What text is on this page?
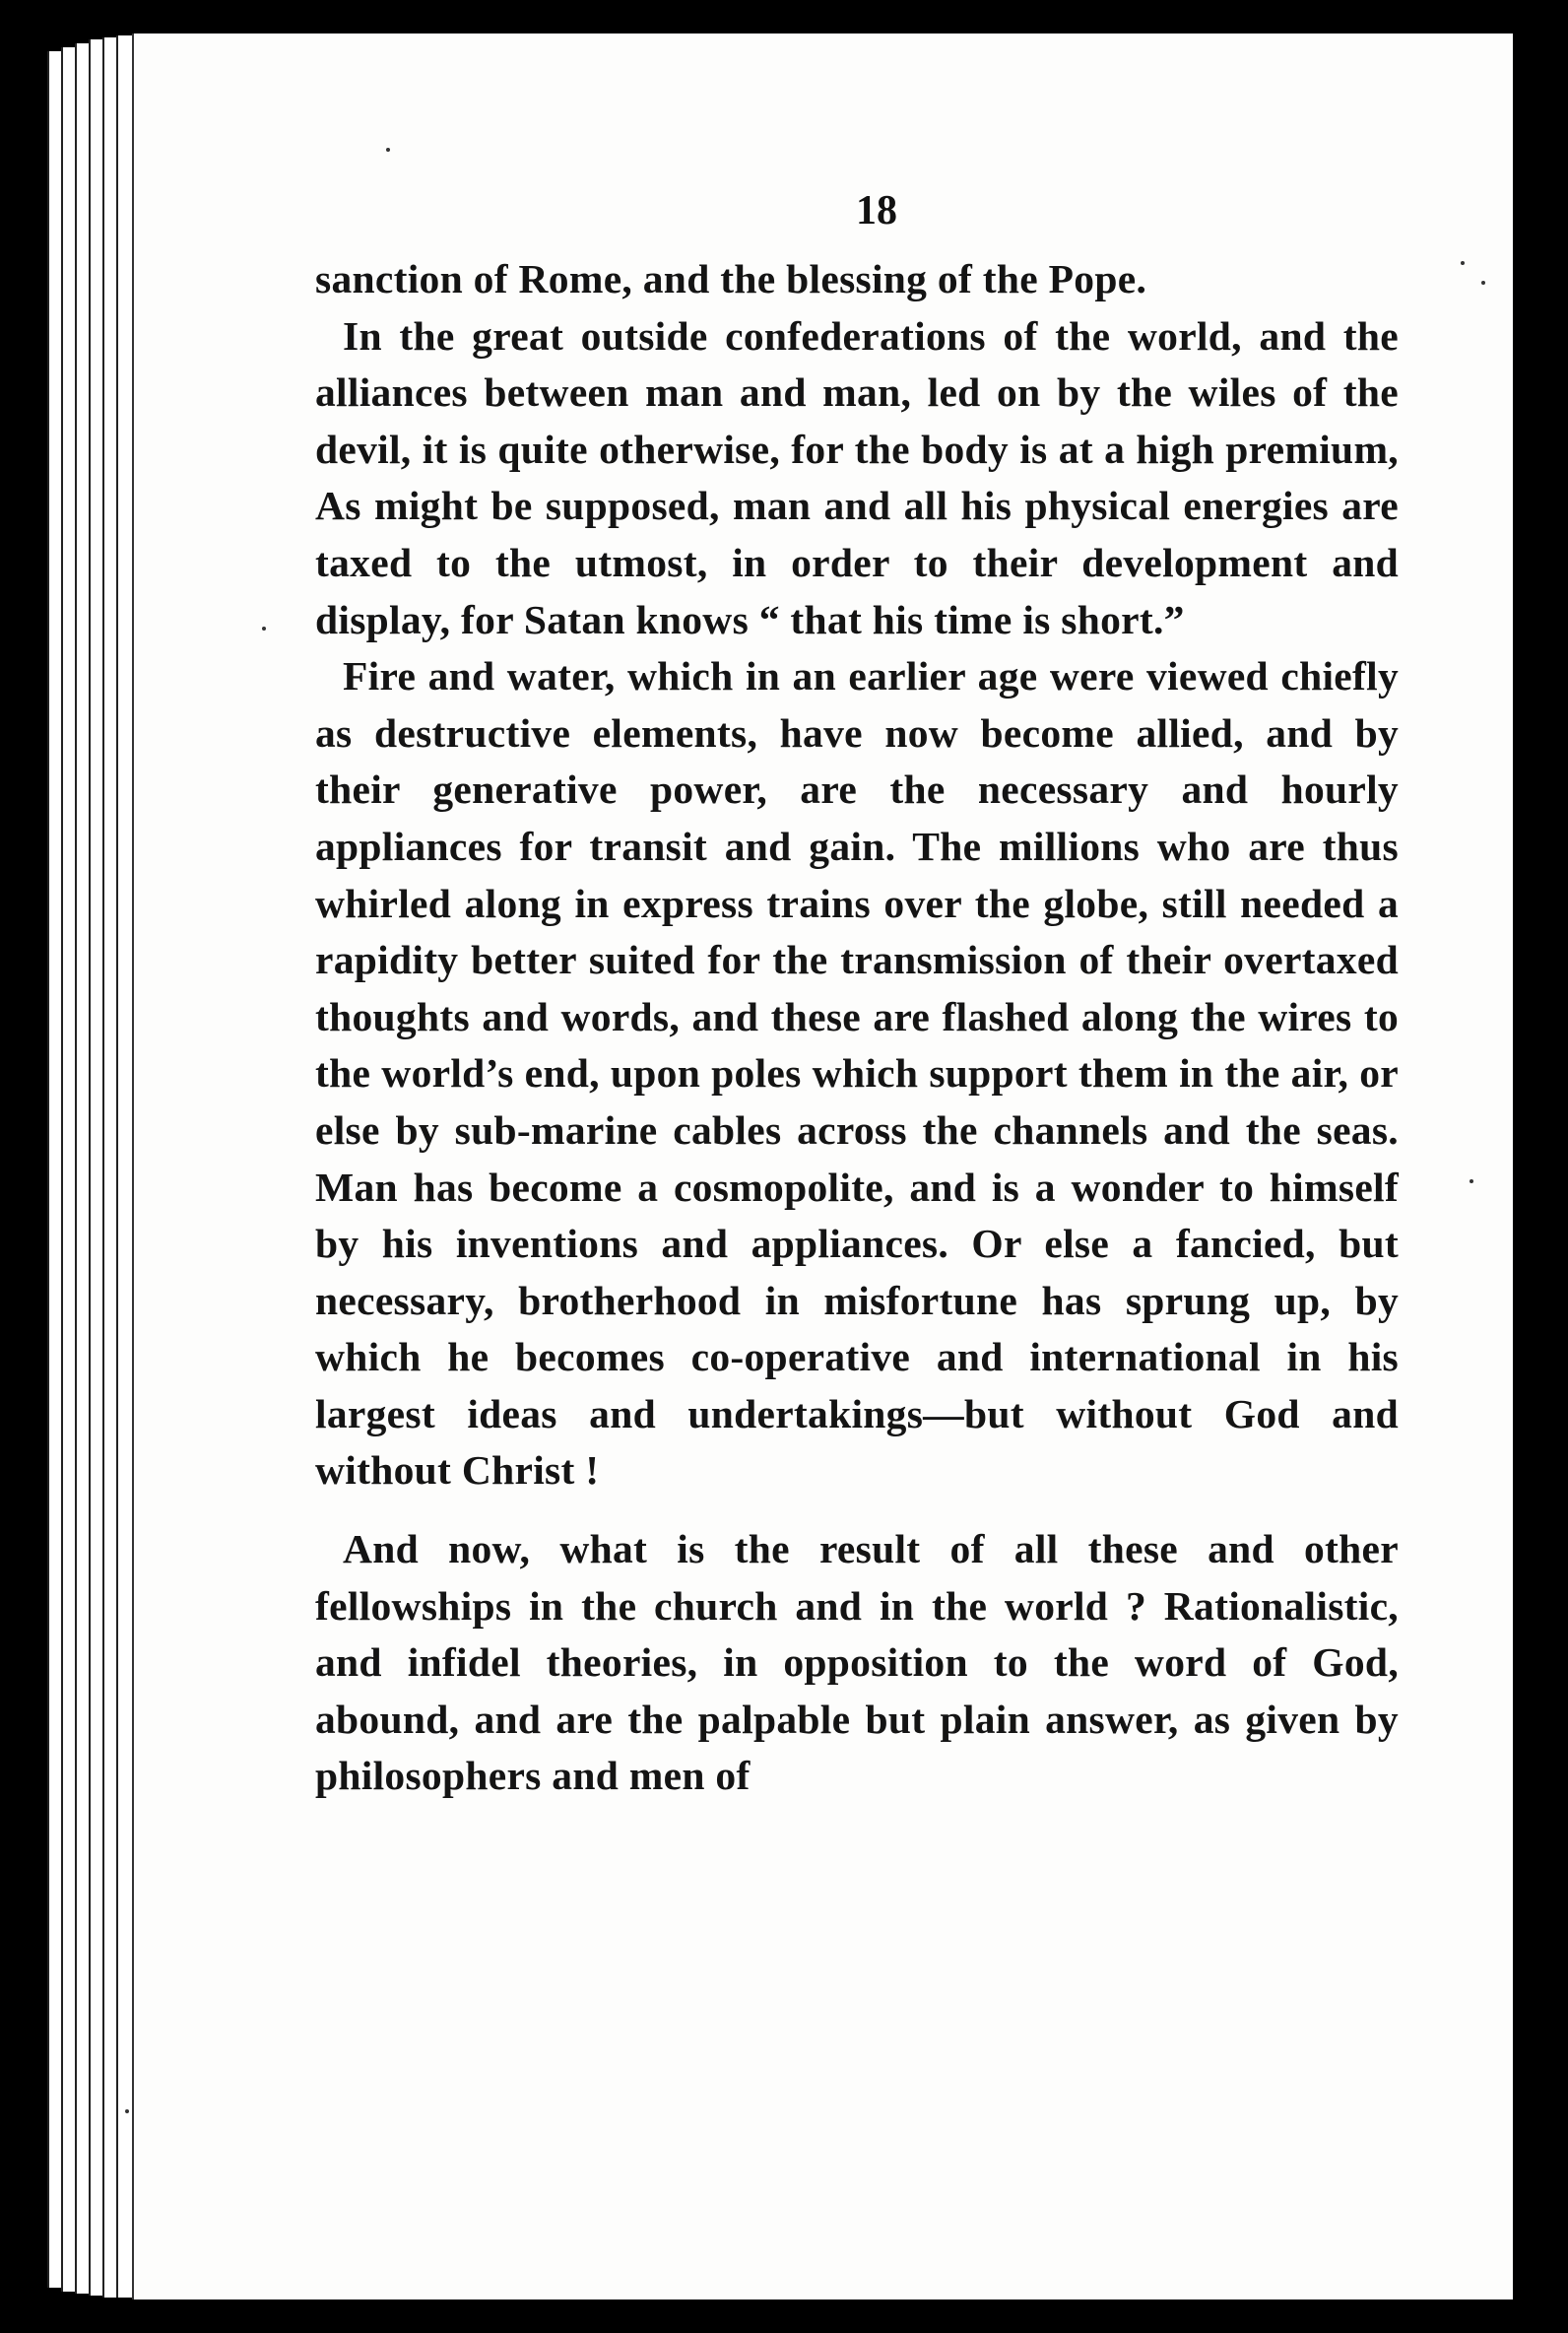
18

sanction of Rome, and the blessing of the Pope.

In the great outside confederations of the world, and the alliances between man and man, led on by the wiles of the devil, it is quite otherwise, for the body is at a high premium, As might be supposed, man and all his physical energies are taxed to the utmost, in order to their development and display, for Satan knows “ that his time is short.”

Fire and water, which in an earlier age were viewed chiefly as destructive elements, have now become allied, and by their generative power, are the necessary and hourly appliances for transit and gain. The millions who are thus whirled along in express trains over the globe, still needed a rapidity better suited for the transmission of their overtaxed thoughts and words, and these are flashed along the wires to the world’s end, upon poles which support them in the air, or else by sub-marine cables across the channels and the seas. Man has become a cosmopolite, and is a wonder to himself by his inventions and appliances. Or else a fancied, but necessary, brotherhood in misfortune has sprung up, by which he becomes co-operative and international in his largest ideas and undertakings—but without God and without Christ !

And now, what is the result of all these and other fellowships in the church and in the world ? Rationalistic, and infidel theories, in opposition to the word of God, abound, and are the palpable but plain answer, as given by philosophers and men of
